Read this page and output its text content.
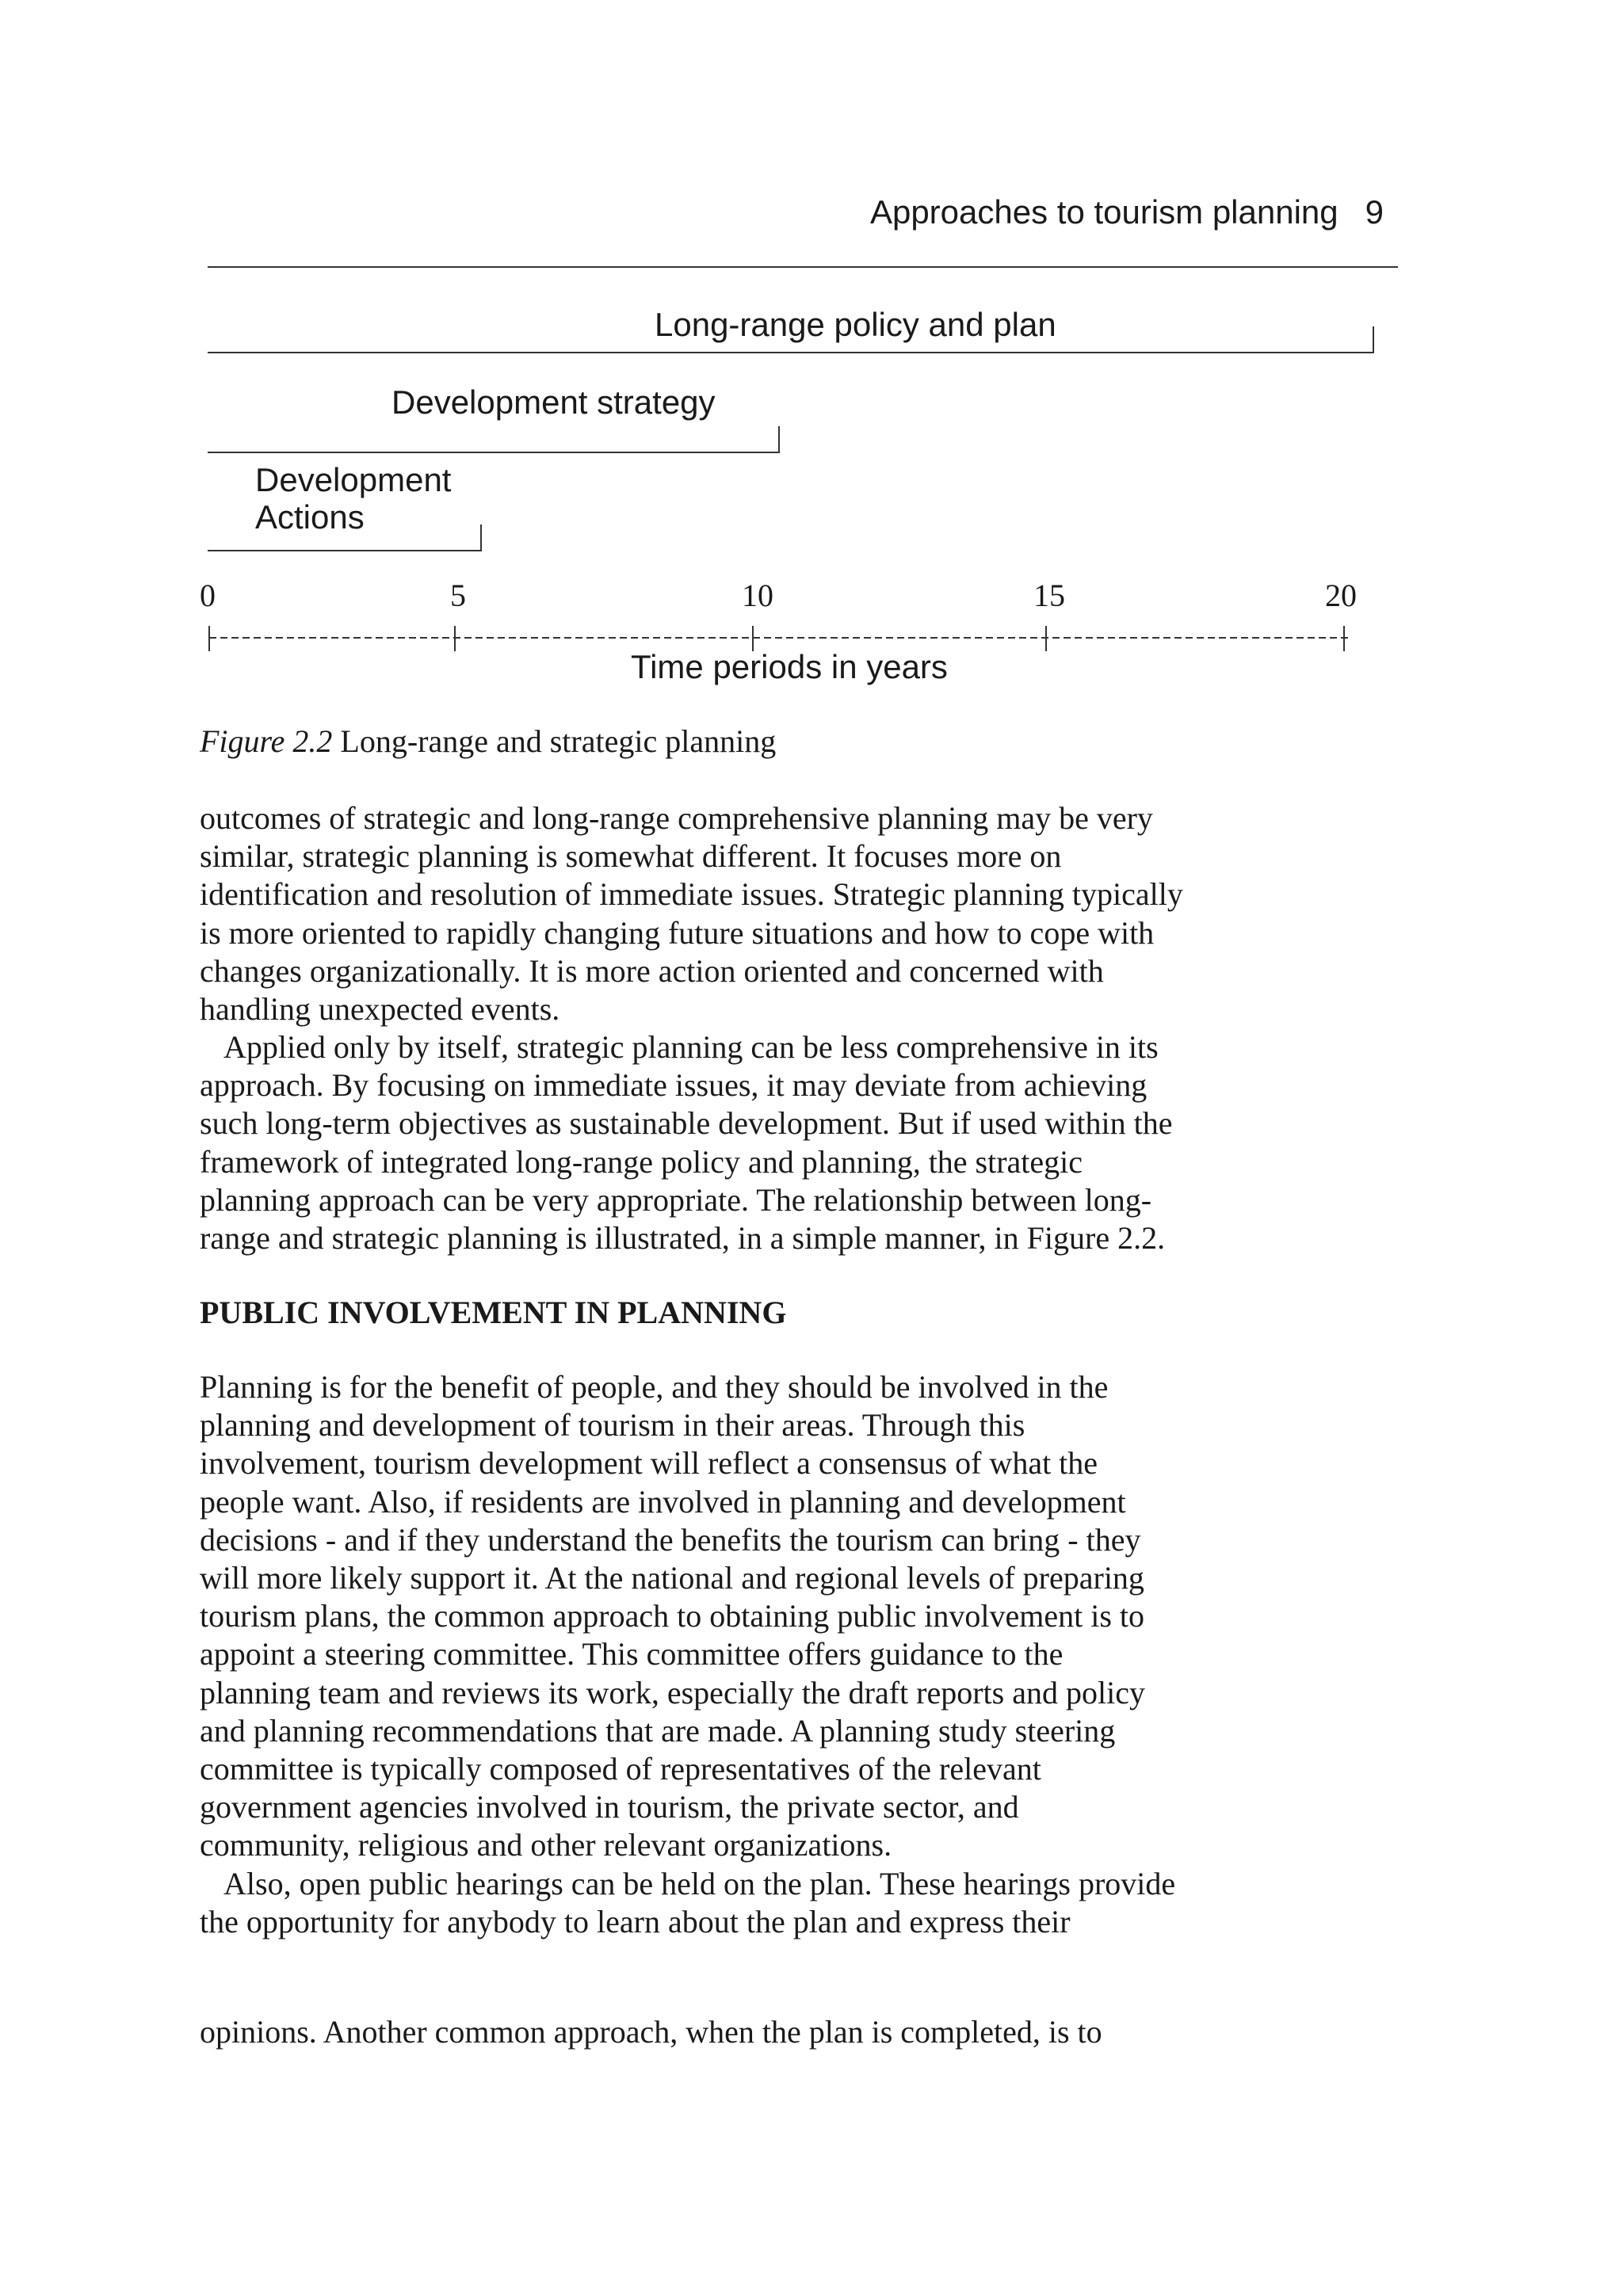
Approaches to tourism planning 9
Long-range policy and plan
Development strategy
Development
Actions
0	5	10	15	20
Time periods in years
Figure 2.2 Long-range and strategic planning
outcomes of strategic and long-range comprehensive planning may be very
similar, strategic planning is somewhat different. It focuses more on
identification and resolution of immediate issues. Strategic planning typically
is more oriented to rapidly changing future situations and how to cope with
changes organizationally. It is more action oriented and concerned with
handling unexpected events.
Applied only by itself, strategic planning can be less comprehensive in its
approach. By focusing on immediate issues, it may deviate from achieving
such long-term objectives as sustainable development. But if used within the
framework of integrated long-range policy and planning, the strategic
planning approach can be very appropriate. The relationship between long-
range and strategic planning is illustrated, in a simple manner, in Figure 2.2.
PUBLIC INVOLVEMENT IN PLANNING
Planning is for the benefit of people, and they should be involved in the
planning and development of tourism in their areas. Through this
involvement, tourism development will reflect a consensus of what the
people want. Also, if residents are involved in planning and development
decisions - and if they understand the benefits the tourism can bring - they
will more likely support it. At the national and regional levels of preparing
tourism plans, the common approach to obtaining public involvement is to
appoint a steering committee. This committee offers guidance to the
planning team and reviews its work, especially the draft reports and policy
and planning recommendations that are made. A planning study steering
committee is typically composed of representatives of the relevant
government agencies involved in tourism, the private sector, and
community, religious and other relevant organizations.
Also, open public hearings can be held on the plan. These hearings provide
the opportunity for anybody to learn about the plan and express their
opinions. Another common approach, when the plan is completed, is to
